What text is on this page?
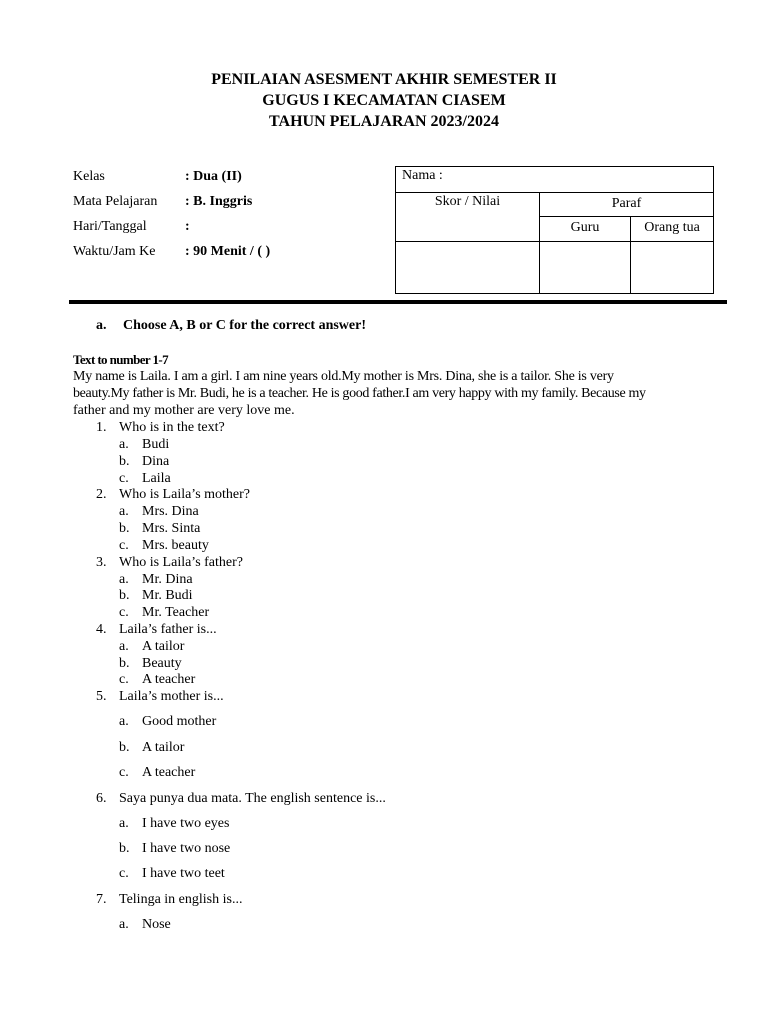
PENILAIAN ASESMENT AKHIR SEMESTER II
GUGUS I KECAMATAN CIASEM
TAHUN PELAJARAN 2023/2024
Kelas	: Dua (II)
Mata Pelajaran : B. Inggris
Hari/Tanggal	:
Waktu/Jam Ke : 90 Menit / ( )
Nama :		
Skor / Nilai	Paraf	
	Guru	Orang tua

a. Choose A, B or C for the correct answer!
Text to number 1-7
My name is Laila. I am a girl. I am nine years old.My mother is Mrs. Dina, she is a tailor. She is very
beauty.My father is Mr. Budi, he is a teacher. He is good father.I am very happy with my family. Because my
father and my mother are very love me.
1. Who is in the text?
a. Budi
b. Dina
c. Laila
2. Who is Laila’s mother?
a. Mrs. Dina
b. Mrs. Sinta
c. Mrs. beauty
3. Who is Laila’s father?
a. Mr. Dina
b. Mr. Budi
c. Mr. Teacher
4. Laila’s father is...
a. A tailor
b. Beauty
c. A teacher
5. Laila’s mother is...
a. Good mother
b. A tailor
c. A teacher
6. Saya punya dua mata. The english sentence is...
a. I have two eyes
b. I have two nose
c. I have two teet
7. Telinga in english is...
a. Nose
